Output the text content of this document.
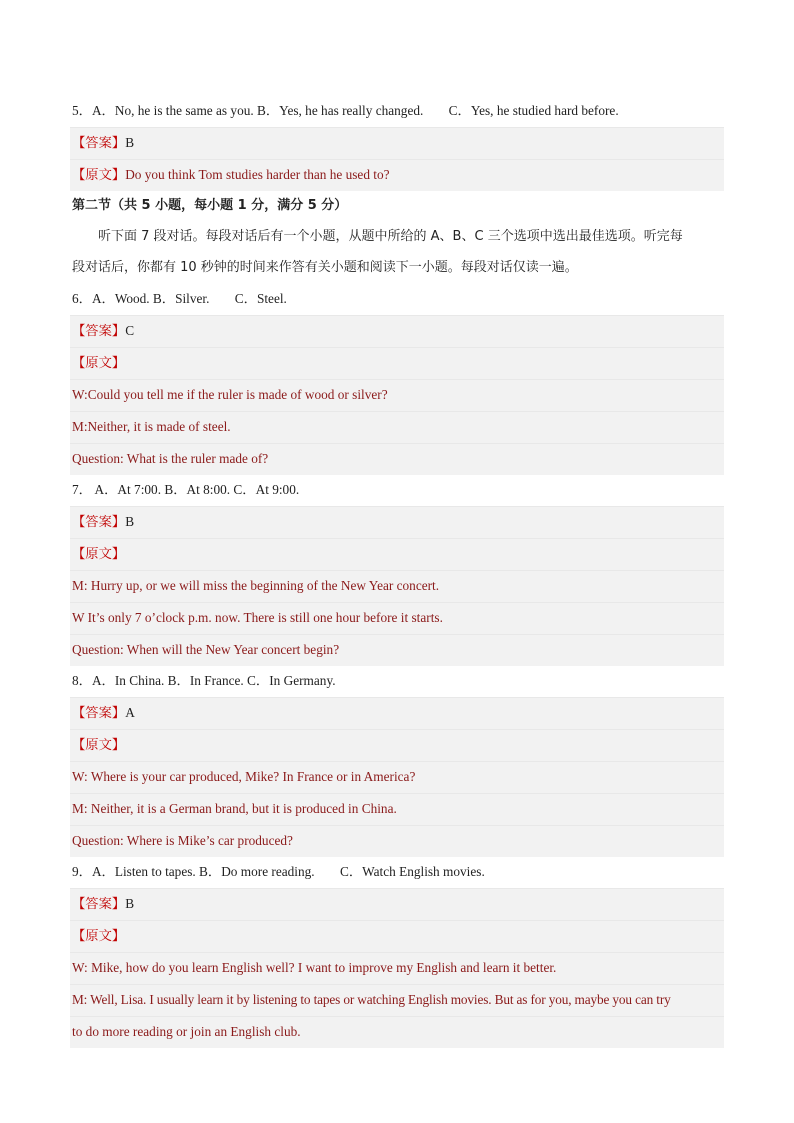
5．A．No, he is the same as you. B．Yes, he has really changed. C．Yes, he studied hard before.
【答案】B
【原文】Do you think Tom studies harder than he used to?
第二节（共 5 小题，每小题 1 分，满分 5 分）
听下面 7 段对话。每段对话后有一个小题，从题中所给的 A、B、C 三个选项中选出最佳选项。听完每
段对话后，你都有 10 秒钟的时间来作答有关小题和阅读下一小题。每段对话仅读一遍。
6．A．Wood. B．Silver. C．Steel.
【答案】C
【原文】
W:Could you tell me if the ruler is made of wood or silver?
M:Neither, it is made of steel.
Question: What is the ruler made of?
7． A．At 7:00. B．At 8:00. C．At 9:00.
【答案】B
【原文】
M: Hurry up, or we will miss the beginning of the New Year concert.
W It’s only 7 o’clock p.m. now. There is still one hour before it starts.
Question: When will the New Year concert begin?
8．A．In China. B．In France. C．In Germany.
【答案】A
【原文】
W: Where is your car produced, Mike? In France or in America?
M: Neither, it is a German brand, but it is produced in China.
Question: Where is Mike’s car produced?
9．A．Listen to tapes. B．Do more reading. C．Watch English movies.
【答案】B
【原文】
W: Mike, how do you learn English well? I want to improve my English and learn it better.
M: Well, Lisa. I usually learn it by listening to tapes or watching English movies. But as for you, maybe you can try
to do more reading or join an English club.
